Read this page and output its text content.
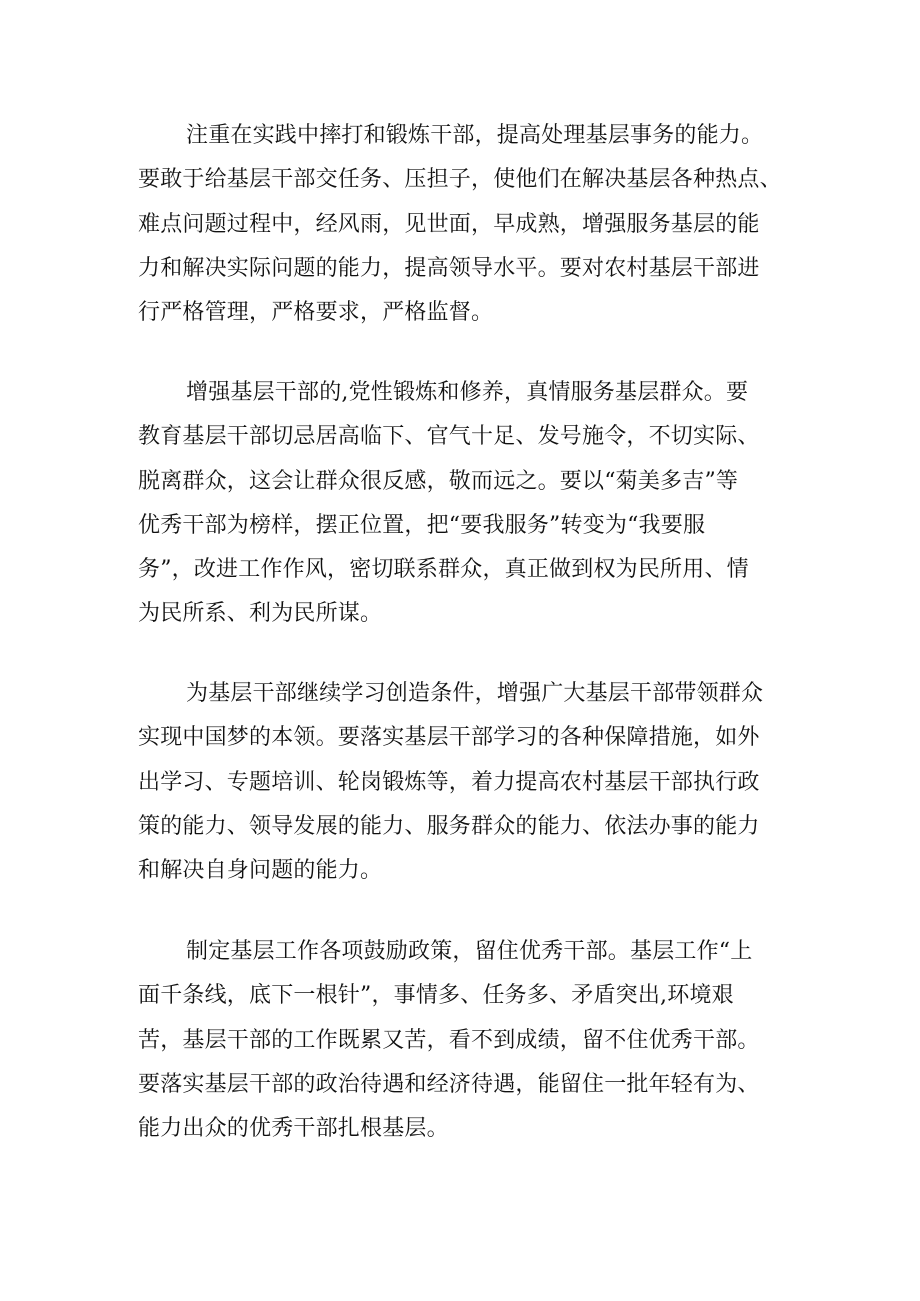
注重在实践中摔打和锻炼干部，提高处理基层事务的能力。
要敢于给基层干部交任务、压担子，使他们在解决基层各种热点、
难点问题过程中，经风雨，见世面，早成熟，增强服务基层的能
力和解决实际问题的能力，提高领导水平。要对农村基层干部进
行严格管理，严格要求，严格监督。
增强基层干部的,党性锻炼和修养，真情服务基层群众。要
教育基层干部切忌居高临下、官气十足、发号施令，不切实际、
脱离群众，这会让群众很反感，敬而远之。要以“菊美多吉”等
优秀干部为榜样，摆正位置，把“要我服务”转变为“我要服
务”，改进工作作风，密切联系群众，真正做到权为民所用、情
为民所系、利为民所谋。
为基层干部继续学习创造条件，增强广大基层干部带领群众
实现中国梦的本领。要落实基层干部学习的各种保障措施，如外
出学习、专题培训、轮岗锻炼等，着力提高农村基层干部执行政
策的能力、领导发展的能力、服务群众的能力、依法办事的能力
和解决自身问题的能力。
制定基层工作各项鼓励政策，留住优秀干部。基层工作“上
面千条线，底下一根针”，事情多、任务多、矛盾突出,环境艰
苦，基层干部的工作既累又苦，看不到成绩，留不住优秀干部。
要落实基层干部的政治待遇和经济待遇，能留住一批年轻有为、
能力出众的优秀干部扎根基层。
